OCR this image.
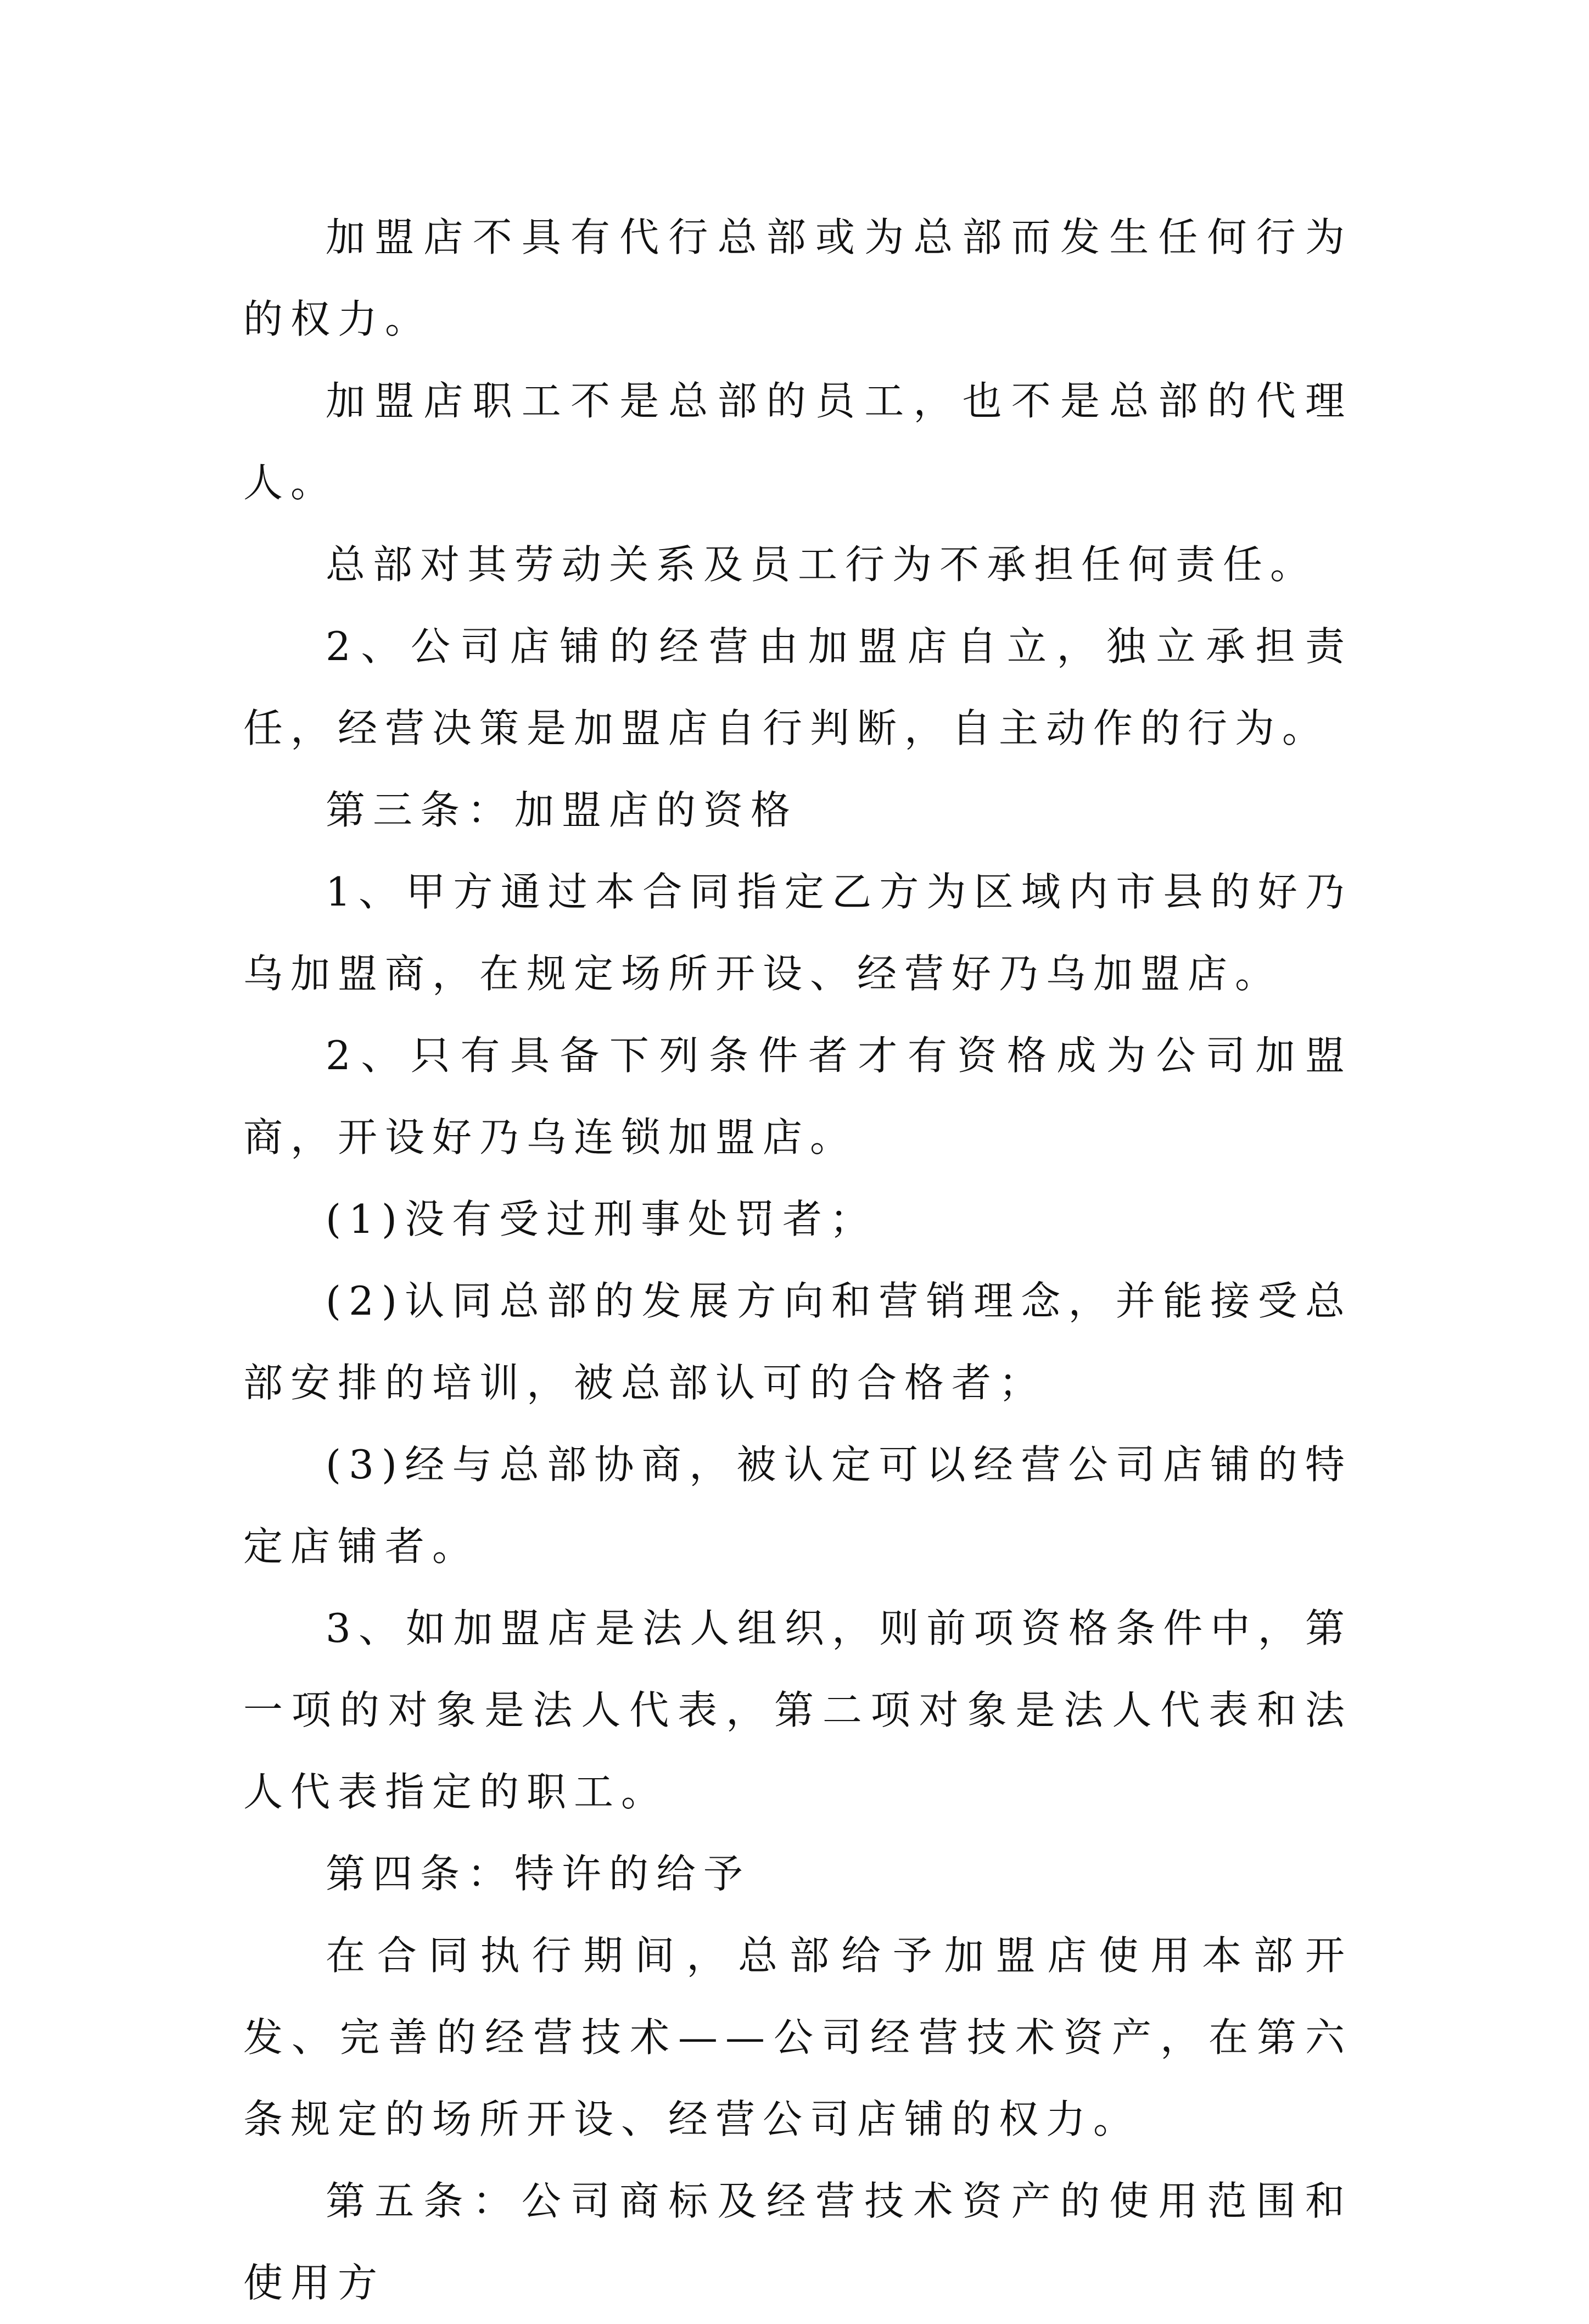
加盟店不具有代行总部或为总部而发生任何行为的权力。

加盟店职工不是总部的员工，也不是总部的代理人。

总部对其劳动关系及员工行为不承担任何责任。

2、公司店铺的经营由加盟店自立，独立承担责任，经营决策是加盟店自行判断，自主动作的行为。

第三条：加盟店的资格

1、甲方通过本合同指定乙方为区域内市县的好乃乌加盟商，在规定场所开设、经营好乃乌加盟店。

2、只有具备下列条件者才有资格成为公司加盟商，开设好乃乌连锁加盟店。

(1)没有受过刑事处罚者；

(2)认同总部的发展方向和营销理念，并能接受总部安排的培训，被总部认可的合格者；

(3)经与总部协商，被认定可以经营公司店铺的特定店铺者。

3、如加盟店是法人组织，则前项资格条件中，第一项的对象是法人代表，第二项对象是法人代表和法人代表指定的职工。

第四条：特许的给予

在合同执行期间，总部给予加盟店使用本部开发、完善的经营技术——公司经营技术资产，在第六条规定的场所开设、经营公司店铺的权力。

第五条：公司商标及经营技术资产的使用范围和使用方
